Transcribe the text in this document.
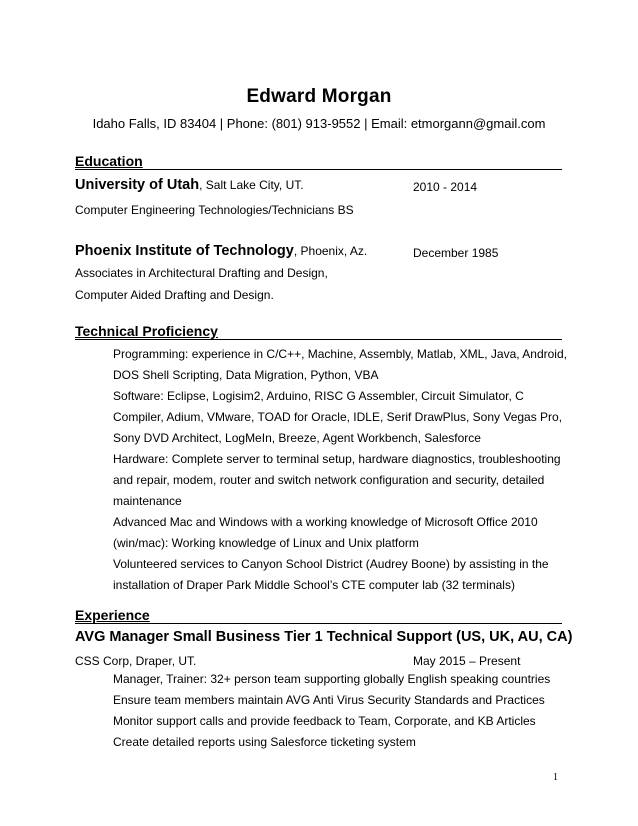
Edward Morgan
Idaho Falls, ID 83404 | Phone: (801) 913-9552 | Email: etmorgann@gmail.com
Education
University of Utah, Salt Lake City, UT.	2010 - 2014
Computer Engineering Technologies/Technicians BS
Phoenix Institute of Technology, Phoenix, Az.	December 1985
Associates in Architectural Drafting and Design,
Computer Aided Drafting and Design.
Technical Proficiency
Programming: experience in C/C++, Machine, Assembly, Matlab, XML, Java, Android, DOS Shell Scripting, Data Migration, Python, VBA
Software: Eclipse, Logisim2, Arduino, RISC G Assembler, Circuit Simulator, C Compiler, Adium, VMware, TOAD for Oracle, IDLE, Serif DrawPlus, Sony Vegas Pro, Sony DVD Architect, LogMeIn, Breeze, Agent Workbench, Salesforce
Hardware: Complete server to terminal setup, hardware diagnostics, troubleshooting and repair, modem, router and switch network configuration and security, detailed maintenance
Advanced Mac and Windows with a working knowledge of Microsoft Office 2010 (win/mac): Working knowledge of Linux and Unix platform
Volunteered services to Canyon School District (Audrey Boone) by assisting in the installation of Draper Park Middle School’s CTE computer lab (32 terminals)
Experience
AVG Manager Small Business Tier 1 Technical Support (US, UK, AU, CA)
CSS Corp, Draper, UT.	May 2015 – Present
Manager, Trainer: 32+ person team supporting globally English speaking countries
Ensure team members maintain AVG Anti Virus Security Standards and Practices
Monitor support calls and provide feedback to Team, Corporate, and KB Articles
Create detailed reports using Salesforce ticketing system
1
